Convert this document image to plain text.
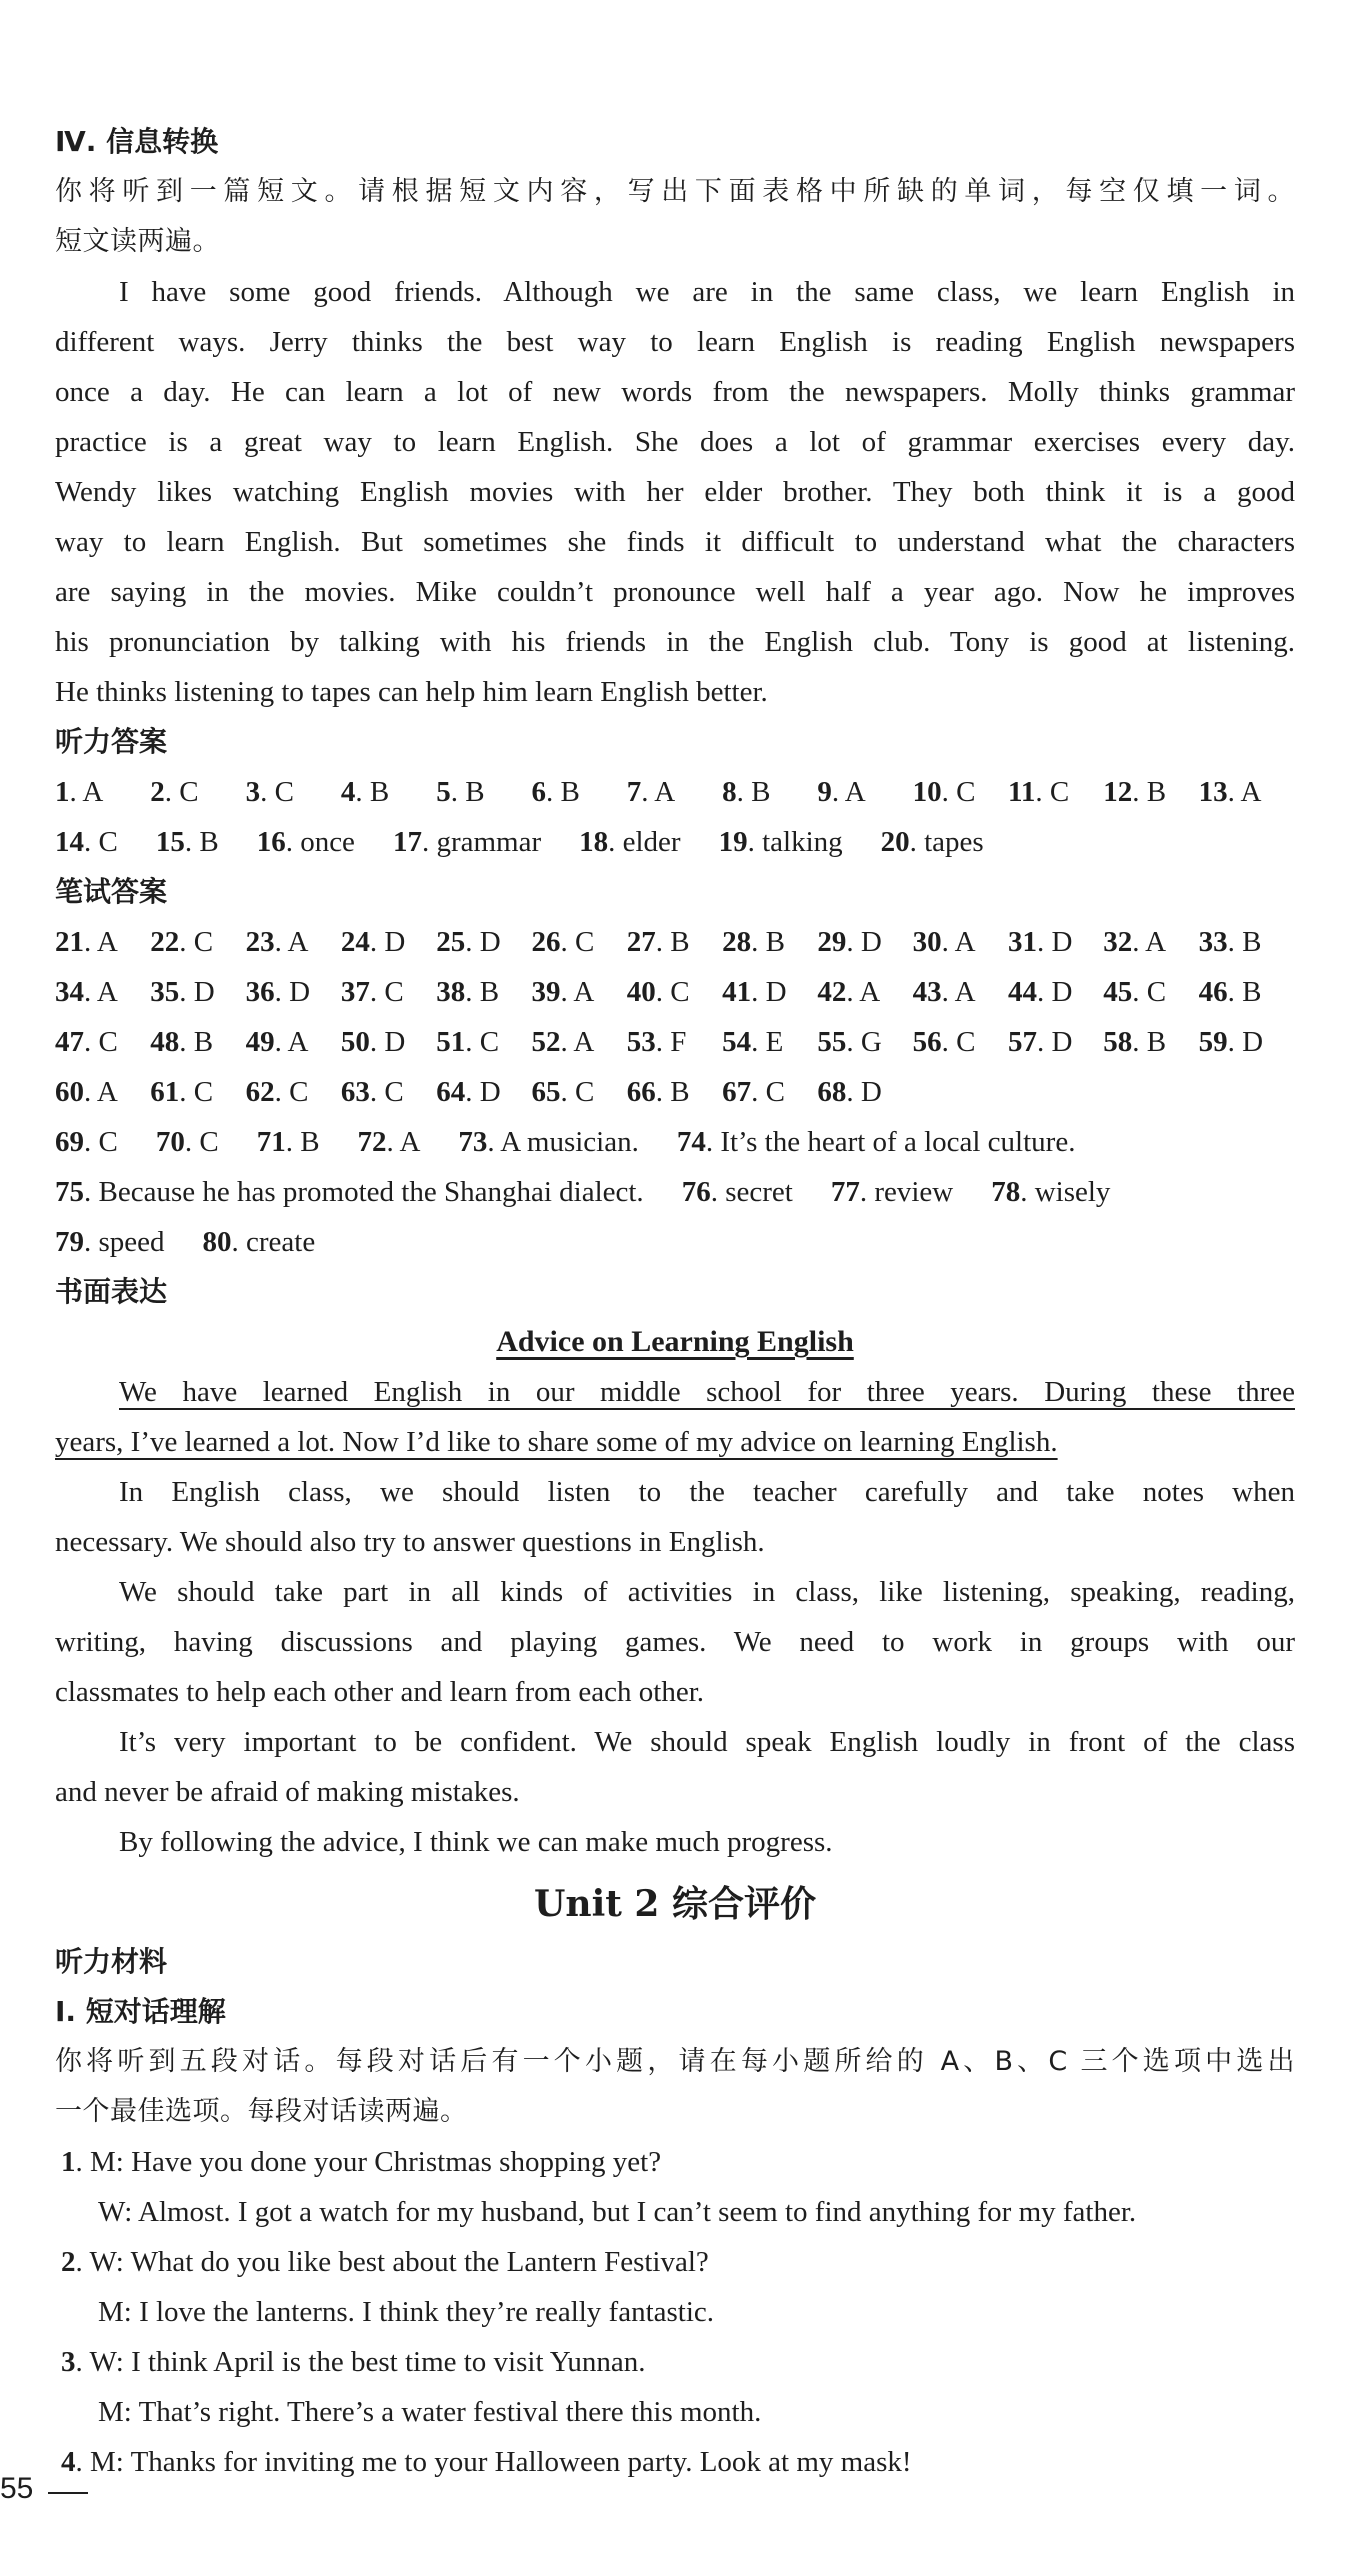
Ⅳ. 信息转换

你将听到一篇短文。请根据短文内容，写出下面表格中所缺的单词，每空仅填一词。

短文读两遍。

I have some good friends. Although we are in the same class, we learn English in

different ways. Jerry thinks the best way to learn English is reading English newspapers

once a day. He can learn a lot of new words from the newspapers. Molly thinks grammar

practice is a great way to learn English. She does a lot of grammar exercises every day.

Wendy likes watching English movies with her elder brother. They both think it is a good

way to learn English. But sometimes she finds it difficult to understand what the characters

are saying in the movies. Mike couldn’t pronounce well half a year ago. Now he improves

his pronunciation by talking with his friends in the English club. Tony is good at listening.

He thinks listening to tapes can help him learn English better.

听力答案

1. A	2. C	3. C	4. B	5. B	6. B	7. A	8. B	9. A	10. C	11. C	12. B	13. A
14. C 15. B 16. once 17. grammar 18. elder 19. talking 20. tapes

笔试答案

21. A	22. C	23. A	24. D	25. D	26. C	27. B	28. B	29. D	30. A	31. D	32. A	33. B
34. A	35. D	36. D	37. C	38. B	39. A	40. C	41. D	42. A	43. A	44. D	45. C	46. B
47. C	48. B	49. A	50. D	51. C	52. A	53. F	54. E	55. G	56. C	57. D	58. B	59. D
60. A	61. C	62. C	63. C	64. D	65. C	66. B	67. C	68. D
69. C 70. C 71. B 72. A 73. A musician. 74. It’s the heart of a local culture.
75. Because he has promoted the Shanghai dialect. 76. secret 77. review 78. wisely
79. speed 80. create

书面表达

Advice on Learning English

We have learned English in our middle school for three years. During these three

years, I’ve learned a lot. Now I’d like to share some of my advice on learning English.

In English class, we should listen to the teacher carefully and take notes when

necessary. We should also try to answer questions in English.

We should take part in all kinds of activities in class, like listening, speaking, reading,

writing, having discussions and playing games. We need to work in groups with our

classmates to help each other and learn from each other.

It’s very important to be confident. We should speak English loudly in front of the class

and never be afraid of making mistakes.

By following the advice, I think we can make much progress.

Unit 2 综合评价

听力材料

Ⅰ. 短对话理解

你将听到五段对话。每段对话后有一个小题，请在每小题所给的 A、B、C 三个选项中选出

一个最佳选项。每段对话读两遍。

1. M: Have you done your Christmas shopping yet?

W: Almost. I got a watch for my husband, but I can’t seem to find anything for my father.

2. W: What do you like best about the Lantern Festival?

M: I love the lanterns. I think they’re really fantastic.

3. W: I think April is the best time to visit Yunnan.

M: That’s right. There’s a water festival there this month.

4. M: Thanks for inviting me to your Halloween party. Look at my mask!

55
